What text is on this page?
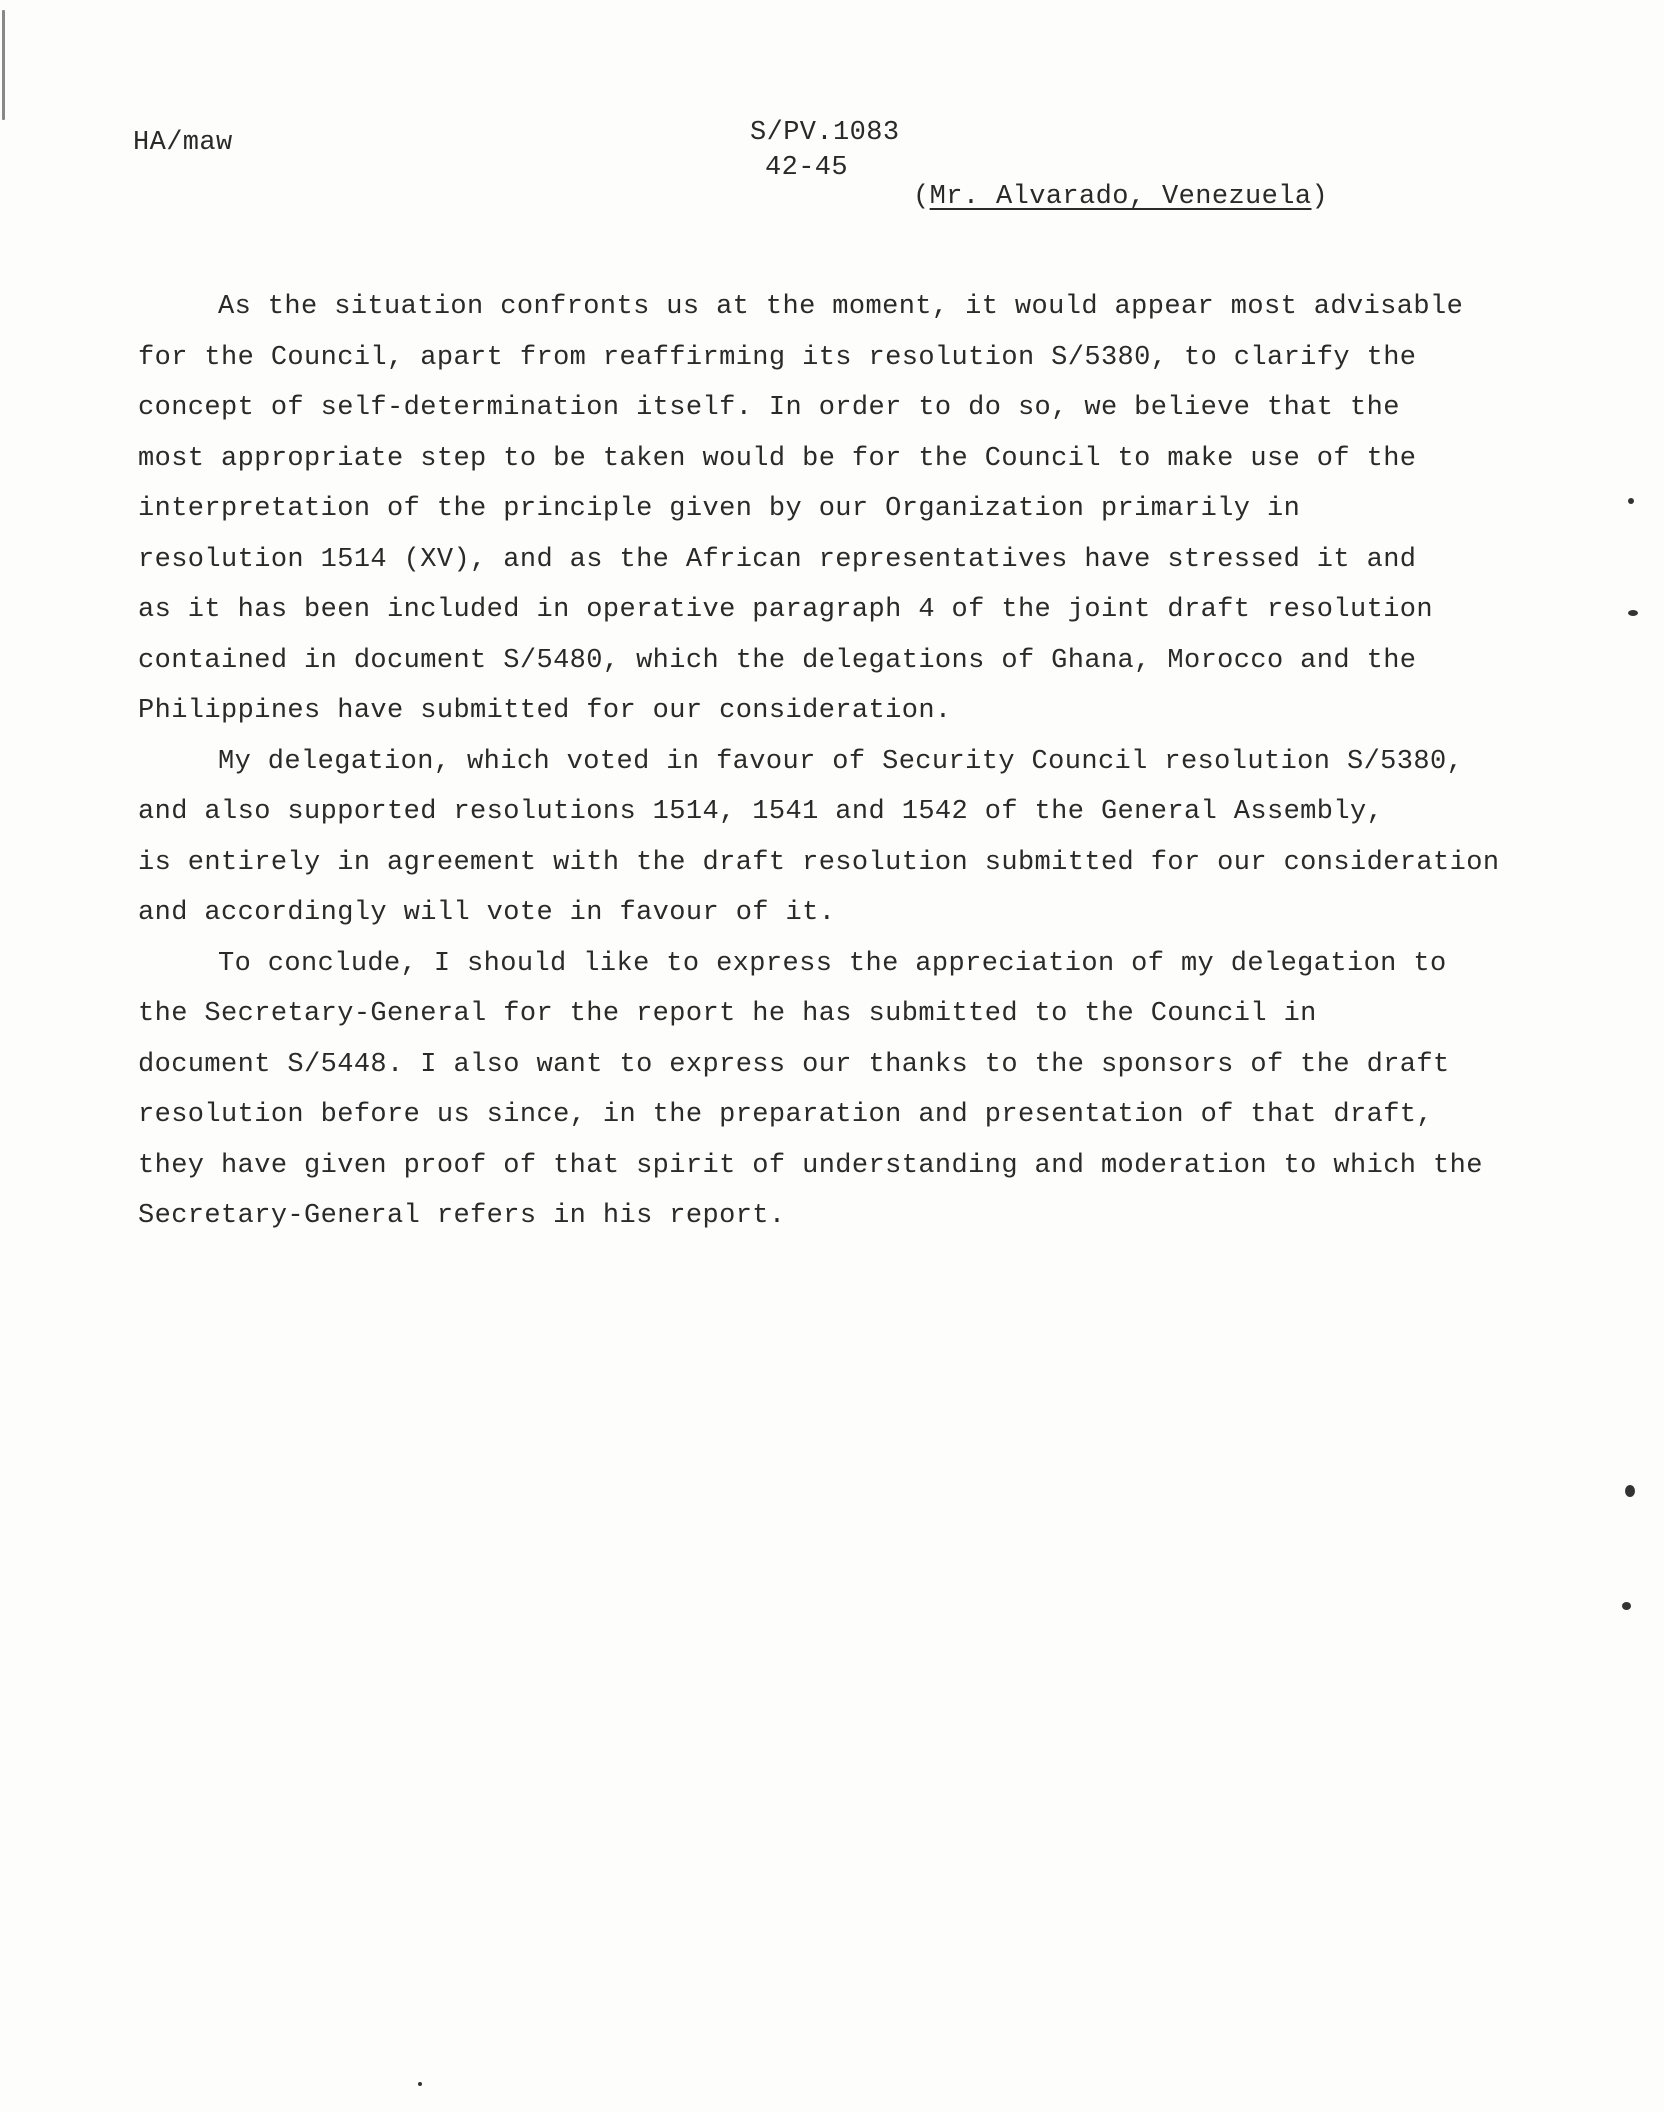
HA/maw	S/PV.1083
42-45
(Mr. Alvarado, Venezuela)
As the situation confronts us at the moment, it would appear most advisable
for the Council, apart from reaffirming its resolution S/5380, to clarify the
concept of self-determination itself. In order to do so, we believe that the
most appropriate step to be taken would be for the Council to make use of the
interpretation of the principle given by our Organization primarily in
resolution 1514 (XV), and as the African representatives have stressed it and
as it has been included in operative paragraph 4 of the joint draft resolution
contained in document S/5480, which the delegations of Ghana, Morocco and the
Philippines have submitted for our consideration.
My delegation, which voted in favour of Security Council resolution S/5380,
and also supported resolutions 1514, 1541 and 1542 of the General Assembly,
is entirely in agreement with the draft resolution submitted for our consideration
and accordingly will vote in favour of it.
To conclude, I should like to express the appreciation of my delegation to
the Secretary-General for the report he has submitted to the Council in
document S/5448. I also want to express our thanks to the sponsors of the draft
resolution before us since, in the preparation and presentation of that draft,
they have given proof of that spirit of understanding and moderation to which the
Secretary-General refers in his report.
